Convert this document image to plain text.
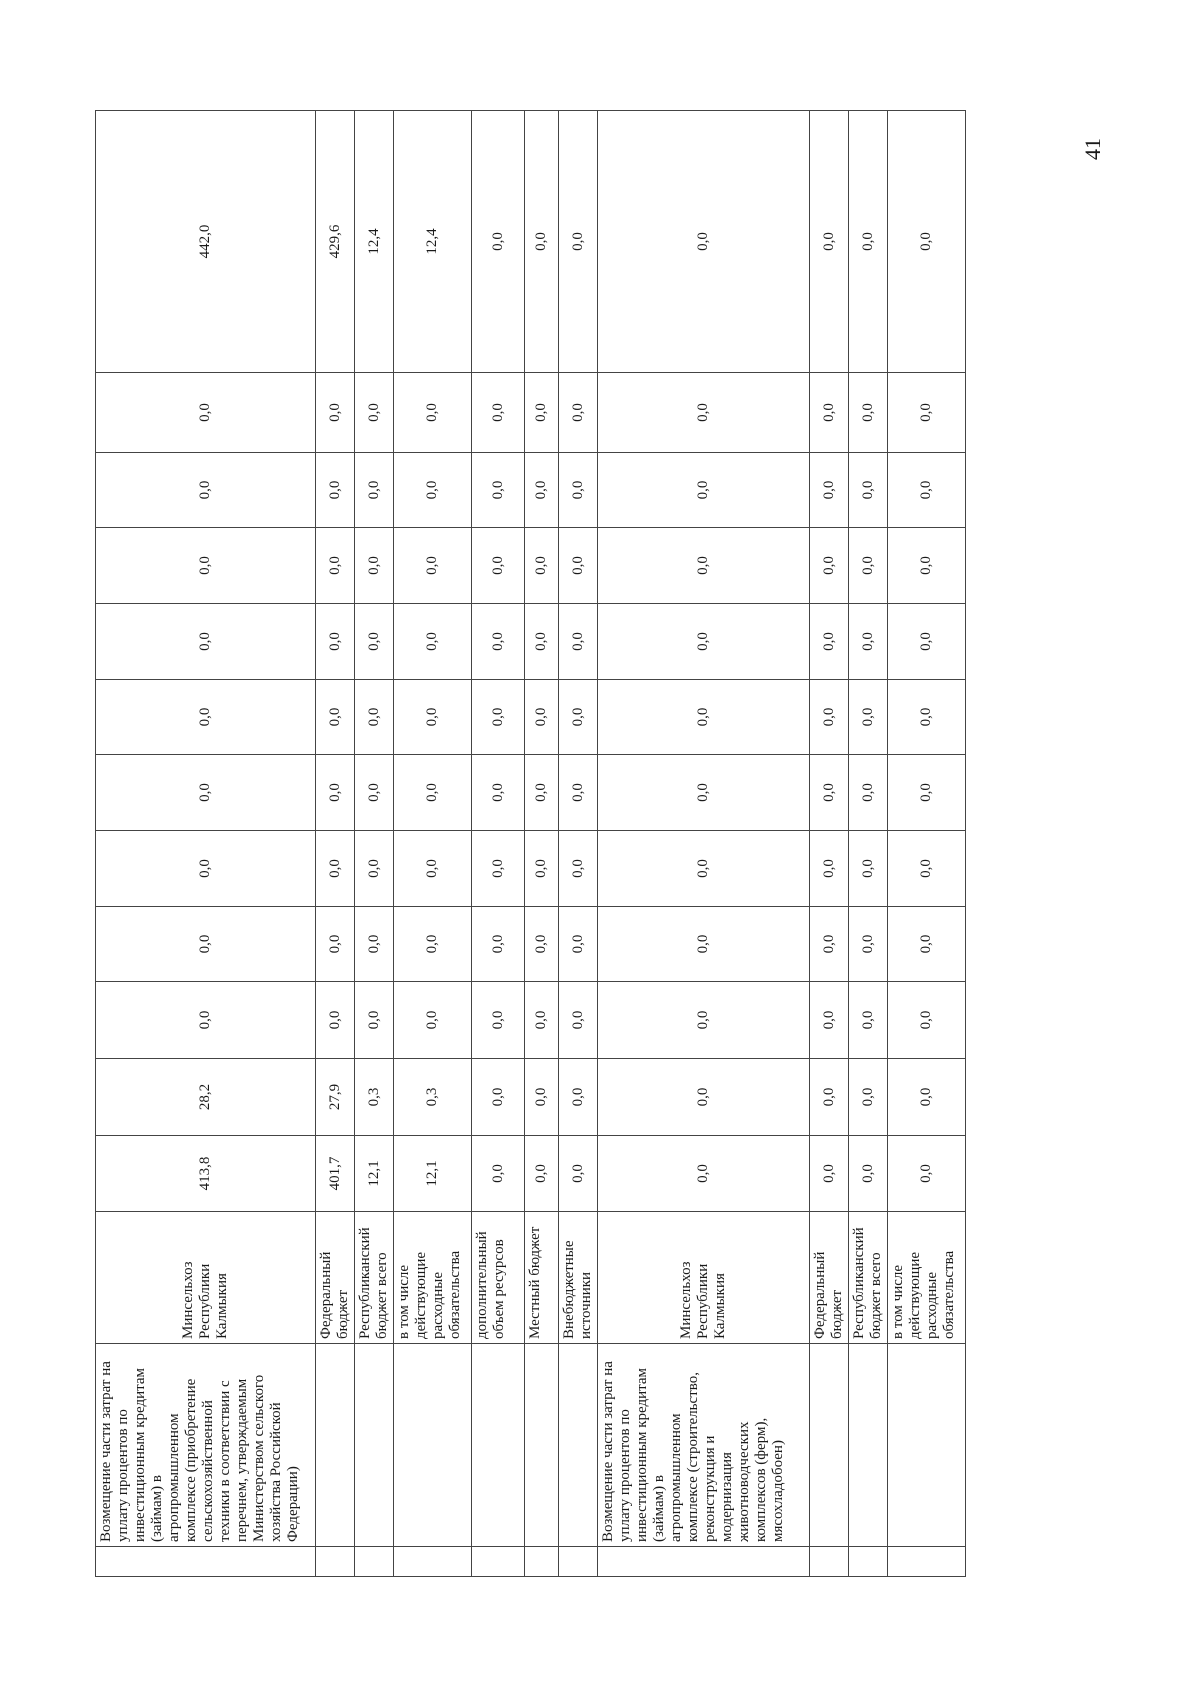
	Возмещение части затрат на уплату процентов по инвестиционным кредитам (займам) в агропромышленном комплексе (приобретение сельскохозяйственной техники в соответствии с перечнем, утверждаемым Министерством сельского хозяйства Российской Федерации)	Минсельхоз Республики Калмыкия	413,8	28,2	0,0	0,0	0,0	0,0	0,0	0,0	0,0	0,0	0,0	442,0
		Федеральный бюджет	401,7	27,9	0,0	0,0	0,0	0,0	0,0	0,0	0,0	0,0	0,0	429,6
		Республиканский бюджет всего	12,1	0,3	0,0	0,0	0,0	0,0	0,0	0,0	0,0	0,0	0,0	12,4
		в том числе действующие расходные обязательства	12,1	0,3	0,0	0,0	0,0	0,0	0,0	0,0	0,0	0,0	0,0	12,4
		дополнительный объем ресурсов	0,0	0,0	0,0	0,0	0,0	0,0	0,0	0,0	0,0	0,0	0,0	0,0
		Местный бюджет	0,0	0,0	0,0	0,0	0,0	0,0	0,0	0,0	0,0	0,0	0,0	0,0
		Внебюджетные источники	0,0	0,0	0,0	0,0	0,0	0,0	0,0	0,0	0,0	0,0	0,0	0,0
	Возмещение части затрат на уплату процентов по инвестиционным кредитам (займам) в агропромышленном комплексе (строительство, реконструкция и модернизация животноводческих комплексов (ферм), мясохладобоен)	Минсельхоз Республики Калмыкия	0,0	0,0	0,0	0,0	0,0	0,0	0,0	0,0	0,0	0,0	0,0	0,0
		Федеральный бюджет	0,0	0,0	0,0	0,0	0,0	0,0	0,0	0,0	0,0	0,0	0,0	0,0
		Республиканский бюджет всего	0,0	0,0	0,0	0,0	0,0	0,0	0,0	0,0	0,0	0,0	0,0	0,0
		в том числе действующие расходные обязательства	0,0	0,0	0,0	0,0	0,0	0,0	0,0	0,0	0,0	0,0	0,0	0,0
41
